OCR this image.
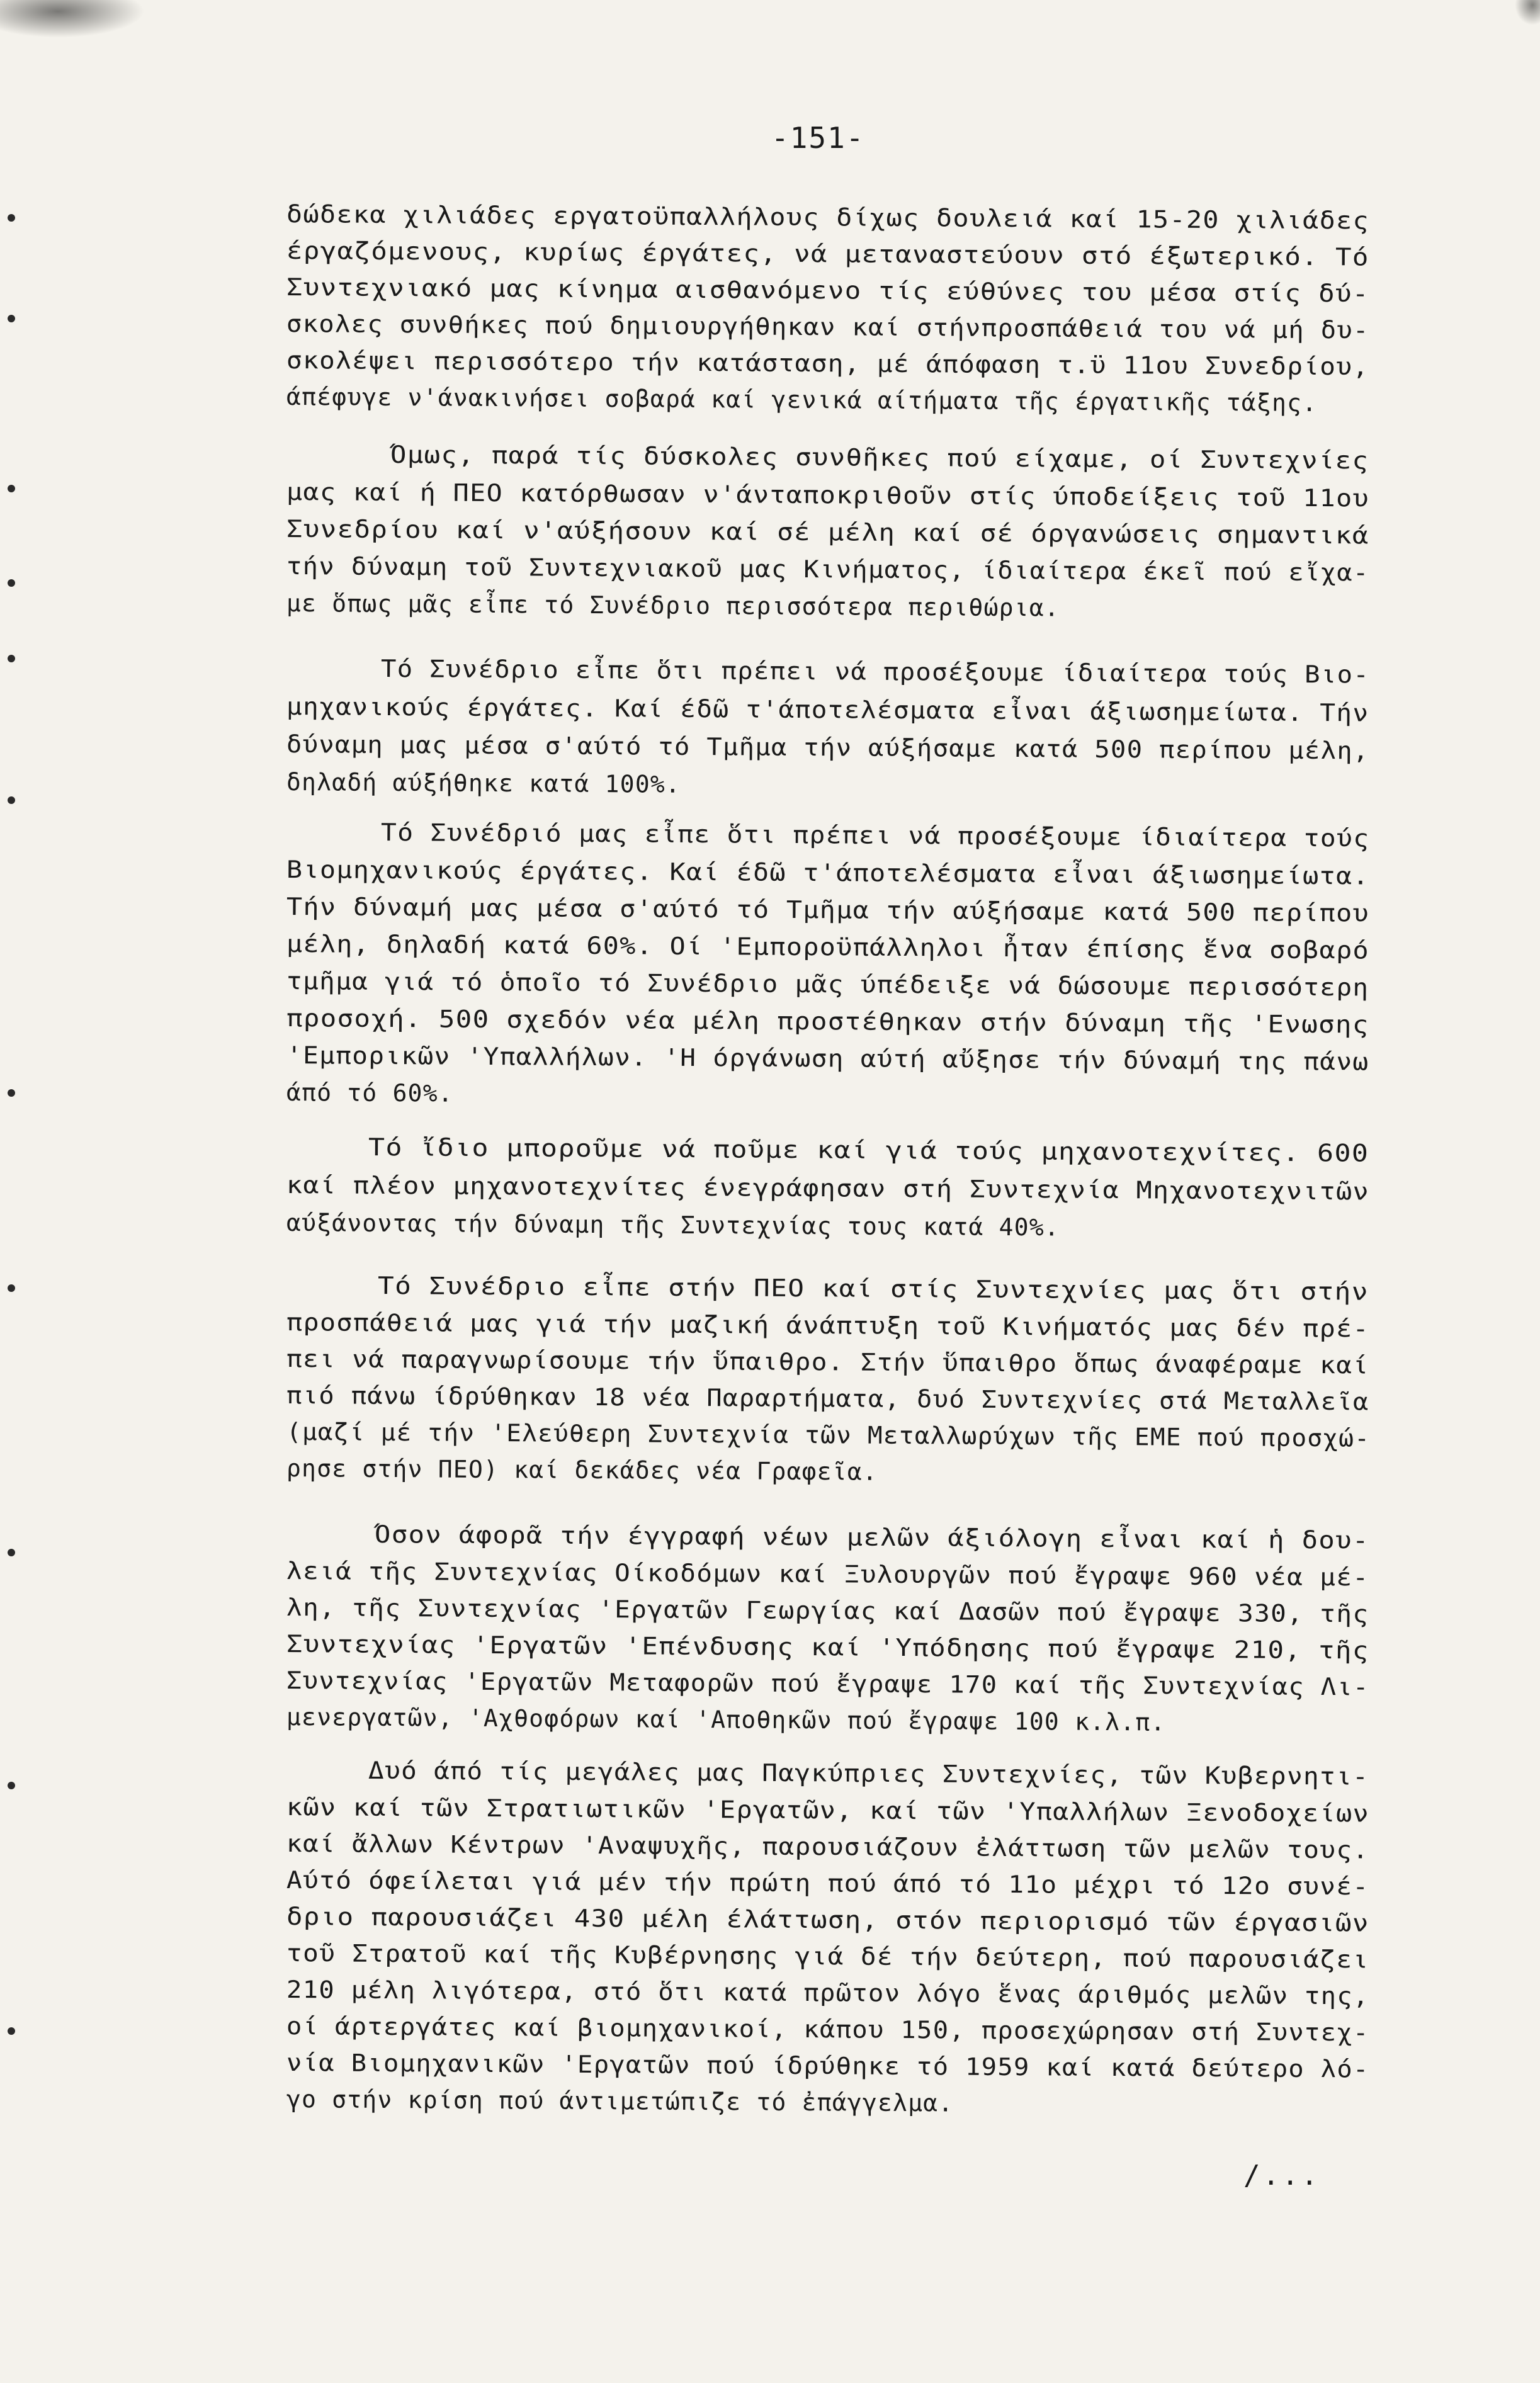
-151-
δώδεκα χιλιάδες εργατοϋπαλλήλους δίχως δουλειά καί 15-20 χιλιάδες
έργαζόμενους, κυρίως έργάτες, νά μεταναστεύουν στό έξωτερικό. Τό
Συντεχνιακό μας κίνημα αισθανόμενο τίς εύθύνες του μέσα στίς δύ-
σκολες συνθήκες πού δημιουργήθηκαν καί στήνπροσπάθειά του νά μή δυ-
σκολέψει περισσότερο τήν κατάσταση, μέ άπόφαση τ.ϋ 11ου Συνεδρίου,
άπέφυγε ν'άνακινήσει σοβαρά καί γενικά αίτήματα τῆς έργατικῆς τάξης.
Όμως, παρά τίς δύσκολες συνθῆκες πού είχαμε, οί Συντεχνίες
μας καί ή ΠΕΟ κατόρθωσαν ν'άνταποκριθοῦν στίς ύποδείξεις τοῦ 11ου
Συνεδρίου καί ν'αύξήσουν καί σέ μέλη καί σέ όργανώσεις σημαντικά
τήν δύναμη τοῦ Συντεχνιακοῦ μας Κινήματος, ίδιαίτερα έκεῖ πού εἴχα-
με ὅπως μᾶς εἶπε τό Συνέδριο περισσότερα περιθώρια.
Τό Συνέδριο εἶπε ὅτι πρέπει νά προσέξουμε ίδιαίτερα τούς Βιο-
μηχανικούς έργάτες. Καί έδῶ τ'άποτελέσματα εἶναι άξιωσημείωτα. Τήν
δύναμη μας μέσα σ'αύτό τό Τμῆμα τήν αύξήσαμε κατά 500 περίπου μέλη,
δηλαδή αύξήθηκε κατά 100%.
Τό Συνέδριό μας εἶπε ὅτι πρέπει νά προσέξουμε ίδιαίτερα τούς
Βιομηχανικούς έργάτες. Καί έδῶ τ'άποτελέσματα εἶναι άξιωσημείωτα.
Τήν δύναμή μας μέσα σ'αύτό τό Τμῆμα τήν αύξήσαμε κατά 500 περίπου
μέλη, δηλαδή κατά 60%. Οί 'Εμποροϋπάλληλοι ἦταν έπίσης ἕνα σοβαρό
τμῆμα γιά τό ὁποῖο τό Συνέδριο μᾶς ύπέδειξε νά δώσουμε περισσότερη
προσοχή. 500 σχεδόν νέα μέλη προστέθηκαν στήν δύναμη τῆς 'Ενωσης
'Εμπορικῶν 'Υπαλλήλων. 'Η όργάνωση αύτή αὔξησε τήν δύναμή της πάνω
άπό τό 60%.
Τό ἴδιο μποροῦμε νά ποῦμε καί γιά τούς μηχανοτεχνίτες. 600
καί πλέον μηχανοτεχνίτες ένεγράφησαν στή Συντεχνία Μηχανοτεχνιτῶν
αύξάνοντας τήν δύναμη τῆς Συντεχνίας τους κατά 40%.
Τό Συνέδριο εἶπε στήν ΠΕΟ καί στίς Συντεχνίες μας ὅτι στήν
προσπάθειά μας γιά τήν μαζική άνάπτυξη τοῦ Κινήματός μας δέν πρέ-
πει νά παραγνωρίσουμε τήν ὕπαιθρο. Στήν ὕπαιθρο ὅπως άναφέραμε καί
πιό πάνω ίδρύθηκαν 18 νέα Παραρτήματα, δυό Συντεχνίες στά Μεταλλεῖα
(μαζί μέ τήν 'Ελεύθερη Συντεχνία τῶν Μεταλλωρύχων τῆς ΕΜΕ πού προσχώ-
ρησε στήν ΠΕΟ) καί δεκάδες νέα Γραφεῖα.
Όσον άφορᾶ τήν έγγραφή νέων μελῶν άξιόλογη εἶναι καί ἡ δου-
λειά τῆς Συντεχνίας Οίκοδόμων καί Ξυλουργῶν πού ἔγραψε 960 νέα μέ-
λη, τῆς Συντεχνίας 'Εργατῶν Γεωργίας καί Δασῶν πού ἔγραψε 330, τῆς
Συντεχνίας 'Εργατῶν 'Επένδυσης καί 'Υπόδησης πού ἔγραψε 210, τῆς
Συντεχνίας 'Εργατῶν Μεταφορῶν πού ἔγραψε 170 καί τῆς Συντεχνίας Λι-
μενεργατῶν, 'Αχθοφόρων καί 'Αποθηκῶν πού ἔγραψε 100 κ.λ.π.
Δυό άπό τίς μεγάλες μας Παγκύπριες Συντεχνίες, τῶν Κυβερνητι-
κῶν καί τῶν Στρατιωτικῶν 'Εργατῶν, καί τῶν 'Υπαλλήλων Ξενοδοχείων
καί ἄλλων Κέντρων 'Αναψυχῆς, παρουσιάζουν ἐλάττωση τῶν μελῶν τους.
Αύτό όφείλεται γιά μέν τήν πρώτη πού άπό τό 11ο μέχρι τό 12ο συνέ-
δριο παρουσιάζει 430 μέλη έλάττωση, στόν περιορισμό τῶν έργασιῶν
τοῦ Στρατοῦ καί τῆς Κυβέρνησης γιά δέ τήν δεύτερη, πού παρουσιάζει
210 μέλη λιγότερα, στό ὅτι κατά πρῶτον λόγο ἕνας άριθμός μελῶν της,
οί άρτεργάτες καί βιομηχανικοί, κάπου 150, προσεχώρησαν στή Συντεχ-
νία Βιομηχανικῶν 'Εργατῶν πού ίδρύθηκε τό 1959 καί κατά δεύτερο λό-
γο στήν κρίση πού άντιμετώπιζε τό ἐπάγγελμα.
/...
